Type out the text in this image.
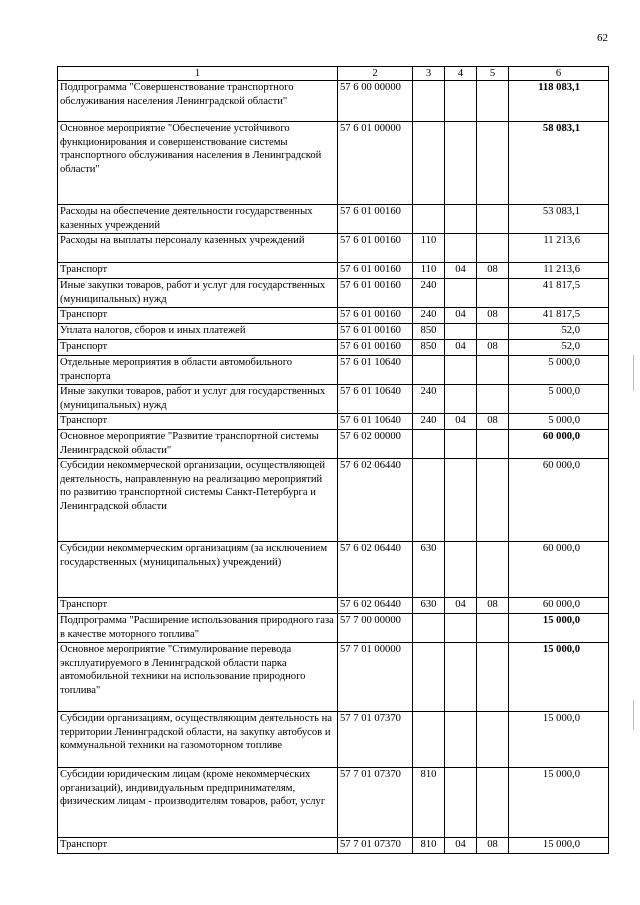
62
1	2	3	4	5	6
Подпрограмма "Совершенствование транспортного обслуживания населения Ленинградской области"	57 6 00 00000				118 083,1
Основное мероприятие "Обеспечение устойчивого функционирования и совершенствование системы транспортного обслуживания населения в Ленинградской области"	57 6 01 00000				58 083,1
Расходы на обеспечение деятельности государственных казенных учреждений	57 6 01 00160				53 083,1
Расходы на выплаты персоналу казенных учреждений	57 6 01 00160	110			11 213,6
Транспорт	57 6 01 00160	110	04	08	11 213,6
Иные закупки товаров, работ и услуг для государственных (муниципальных) нужд	57 6 01 00160	240			41 817,5
Транспорт	57 6 01 00160	240	04	08	41 817,5
Уплата налогов, сборов и иных платежей	57 6 01 00160	850			52,0
Транспорт	57 6 01 00160	850	04	08	52,0
Отдельные мероприятия в области автомобильного транспорта	57 6 01 10640				5 000,0
Иные закупки товаров, работ и услуг для государственных (муниципальных) нужд	57 6 01 10640	240			5 000,0
Транспорт	57 6 01 10640	240	04	08	5 000,0
Основное мероприятие "Развитие транспортной системы Ленинградской области"	57 6 02 00000				60 000,0
Субсидии некоммерческой организации, осуществляющей деятельность, направленную на реализацию мероприятий по развитию транспортной системы Санкт-Петербурга и Ленинградской области	57 6 02 06440				60 000,0
Субсидии некоммерческим организациям (за исключением государственных (муниципальных) учреждений)	57 6 02 06440	630			60 000,0
Транспорт	57 6 02 06440	630	04	08	60 000,0
Подпрограмма "Расширение использования природного газа в качестве моторного топлива"	57 7 00 00000				15 000,0
Основное мероприятие "Стимулирование перевода эксплуатируемого в Ленинградской области парка автомобильной техники на использование природного топлива"	57 7 01 00000				15 000,0
Субсидии организациям, осуществляющим деятельность на территории Ленинградской области, на закупку автобусов и коммунальной техники на газомоторном топливе	57 7 01 07370				15 000,0
Субсидии юридическим лицам (кроме некоммерческих организаций), индивидуальным предпринимателям, физическим лицам - производителям товаров, работ, услуг	57 7 01 07370	810			15 000,0
Транспорт	57 7 01 07370	810	04	08	15 000,0
